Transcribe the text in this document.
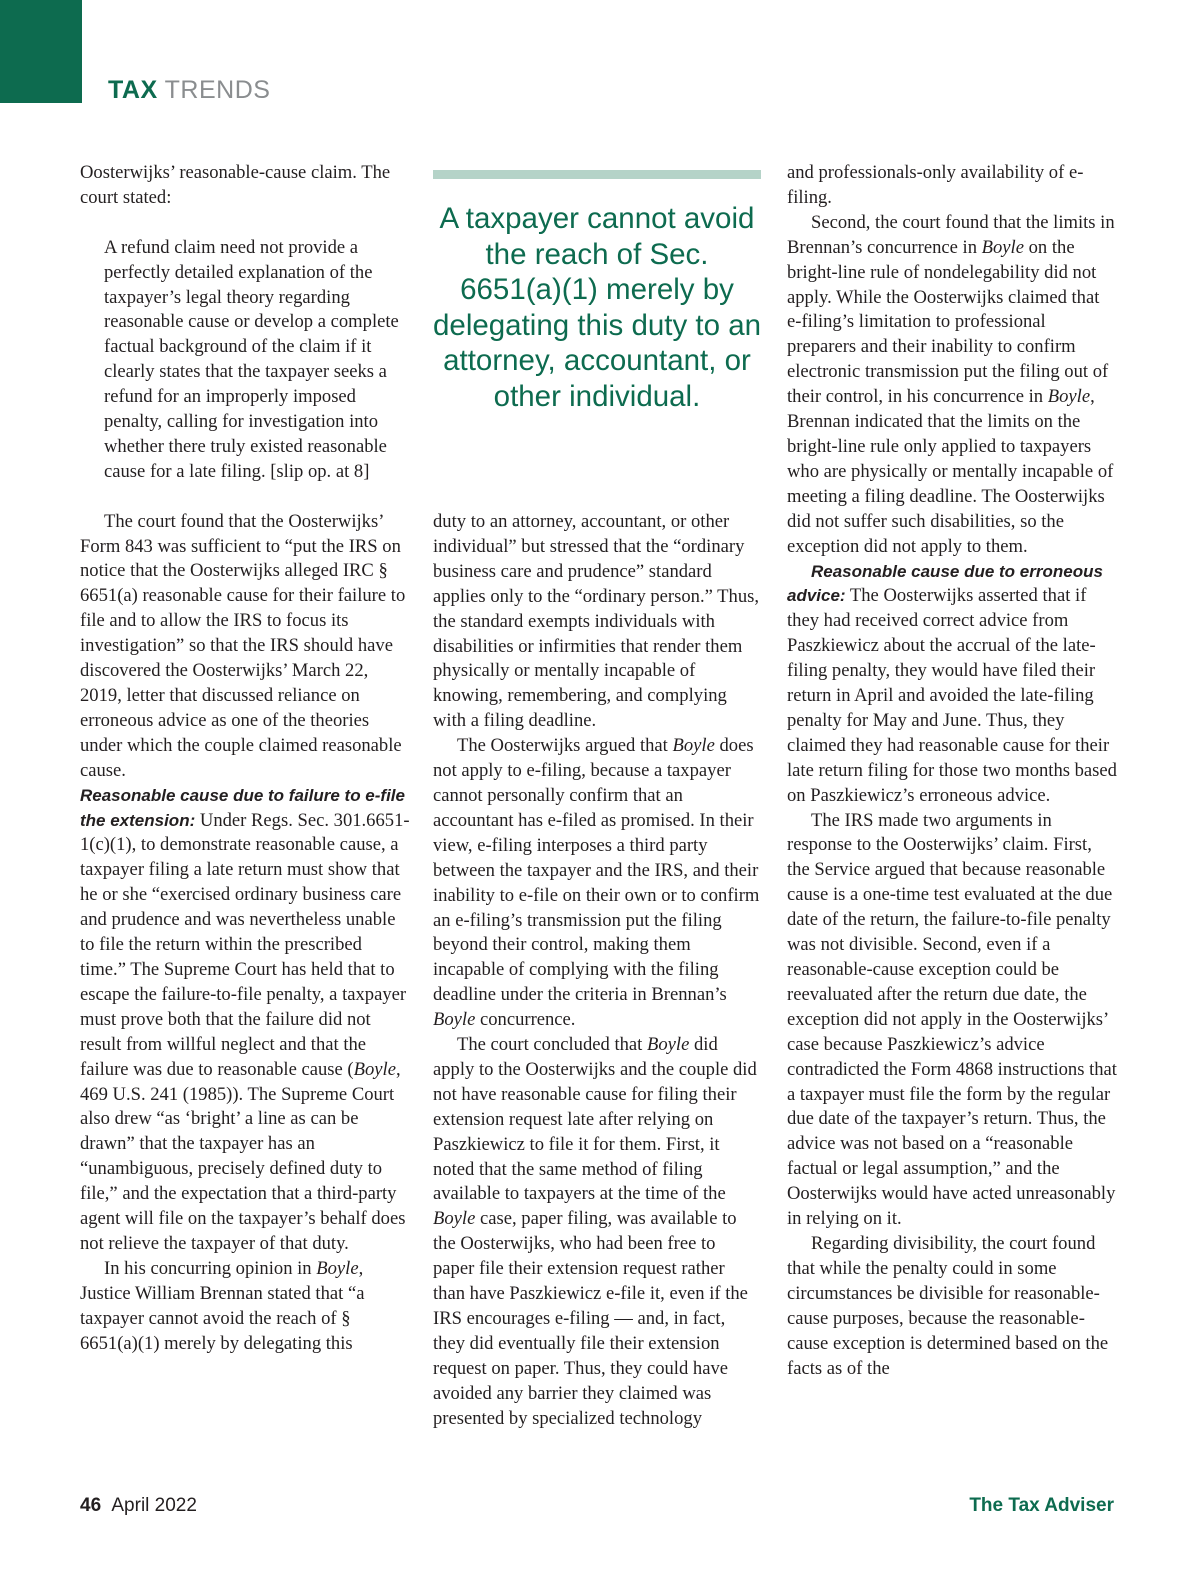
TAX TRENDS

Oosterwijks’ reasonable-cause claim. The court stated:

A refund claim need not provide a perfectly detailed explanation of the taxpayer’s legal theory regarding reasonable cause or develop a complete factual background of the claim if it clearly states that the taxpayer seeks a refund for an improperly imposed penalty, calling for investigation into whether there truly existed reasonable cause for a late filing. [slip op. at 8]

The court found that the Oosterwijks’ Form 843 was sufficient to “put the IRS on notice that the Oosterwijks alleged IRC § 6651(a) reasonable cause for their failure to file and to allow the IRS to focus its investigation” so that the IRS should have discovered the Oosterwijks’ March 22, 2019, letter that discussed reliance on erroneous advice as one of the theories under which the couple claimed reasonable cause.

Reasonable cause due to failure to e-file the extension: Under Regs. Sec. 301.6651-1(c)(1), to demonstrate reasonable cause, a taxpayer filing a late return must show that he or she “exercised ordinary business care and prudence and was nevertheless unable to file the return within the prescribed time.” The Supreme Court has held that to escape the failure-to-file penalty, a taxpayer must prove both that the failure did not result from willful neglect and that the failure was due to reasonable cause (Boyle, 469 U.S. 241 (1985)). The Supreme Court also drew “as ‘bright’ a line as can be drawn” that the taxpayer has an “unambiguous, precisely defined duty to file,” and the expectation that a third-party agent will file on the taxpayer’s behalf does not relieve the taxpayer of that duty.

In his concurring opinion in Boyle, Justice William Brennan stated that “a taxpayer cannot avoid the reach of § 6651(a)(1) merely by delegating this

A taxpayer cannot avoid the reach of Sec. 6651(a)(1) merely by delegating this duty to an attorney, accountant, or other individual.

duty to an attorney, accountant, or other individual” but stressed that the “ordinary business care and prudence” standard applies only to the “ordinary person.” Thus, the standard exempts individuals with disabilities or infirmities that render them physically or mentally incapable of knowing, remembering, and complying with a filing deadline.

The Oosterwijks argued that Boyle does not apply to e-filing, because a taxpayer cannot personally confirm that an accountant has e-filed as promised. In their view, e-filing interposes a third party between the taxpayer and the IRS, and their inability to e-file on their own or to confirm an e-filing’s transmission put the filing beyond their control, making them incapable of complying with the filing deadline under the criteria in Brennan’s Boyle concurrence.

The court concluded that Boyle did apply to the Oosterwijks and the couple did not have reasonable cause for filing their extension request late after relying on Paszkiewicz to file it for them. First, it noted that the same method of filing available to taxpayers at the time of the Boyle case, paper filing, was available to the Oosterwijks, who had been free to paper file their extension request rather than have Paszkiewicz e-file it, even if the IRS encourages e-filing — and, in fact, they did eventually file their extension request on paper. Thus, they could have avoided any barrier they claimed was presented by specialized technology

and professionals-only availability of e-filing.

Second, the court found that the limits in Brennan’s concurrence in Boyle on the bright-line rule of nondelegability did not apply. While the Oosterwijks claimed that e-filing’s limitation to professional preparers and their inability to confirm electronic transmission put the filing out of their control, in his concurrence in Boyle, Brennan indicated that the limits on the bright-line rule only applied to taxpayers who are physically or mentally incapable of meeting a filing deadline. The Oosterwijks did not suffer such disabilities, so the exception did not apply to them.

Reasonable cause due to erroneous advice: The Oosterwijks asserted that if they had received correct advice from Paszkiewicz about the accrual of the late-filing penalty, they would have filed their return in April and avoided the late-filing penalty for May and June. Thus, they claimed they had reasonable cause for their late return filing for those two months based on Paszkiewicz’s erroneous advice.

The IRS made two arguments in response to the Oosterwijks’ claim. First, the Service argued that because reasonable cause is a one-time test evaluated at the due date of the return, the failure-to-file penalty was not divisible. Second, even if a reasonable-cause exception could be reevaluated after the return due date, the exception did not apply in the Oosterwijks’ case because Paszkiewicz’s advice contradicted the Form 4868 instructions that a taxpayer must file the form by the regular due date of the taxpayer’s return. Thus, the advice was not based on a “reasonable factual or legal assumption,” and the Oosterwijks would have acted unreasonably in relying on it.

Regarding divisibility, the court found that while the penalty could in some circumstances be divisible for reasonable-cause purposes, because the reasonable-cause exception is determined based on the facts as of the

46 April 2022	The Tax Adviser
